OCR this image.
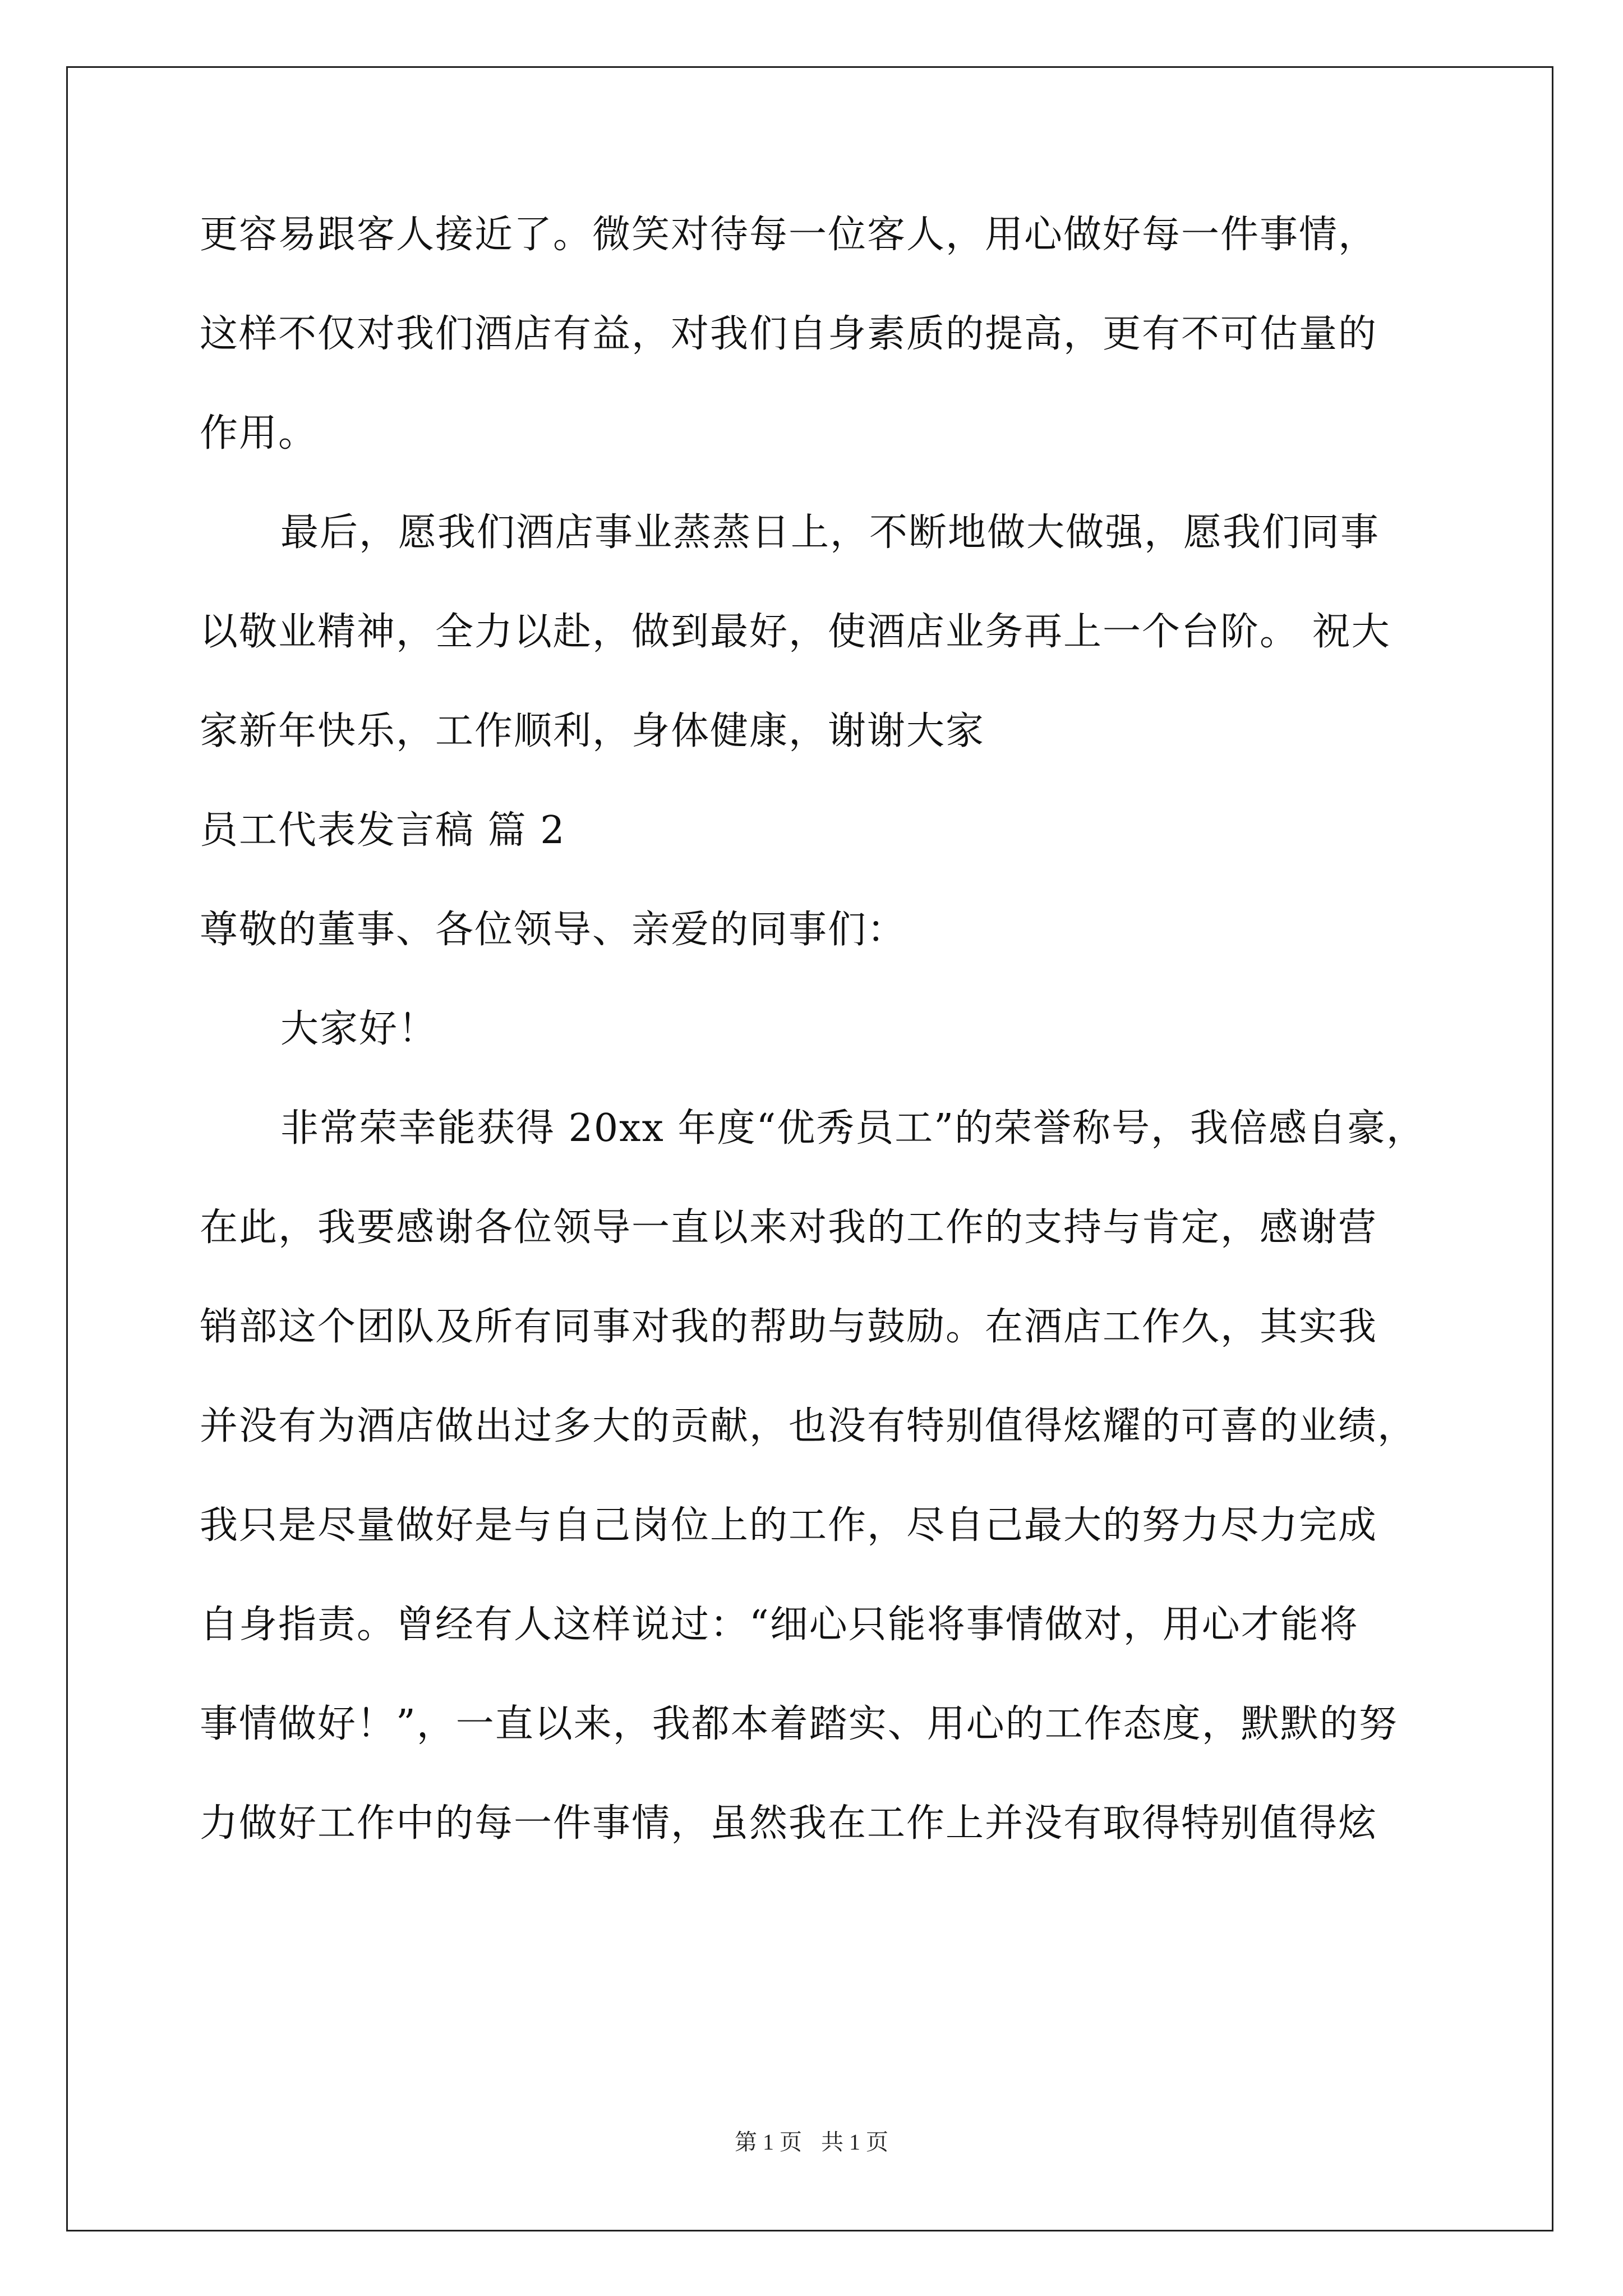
更容易跟客人接近了。微笑对待每一位客人，用心做好每一件事情，
这样不仅对我们酒店有益，对我们自身素质的提高，更有不可估量的
作用。
最后，愿我们酒店事业蒸蒸日上，不断地做大做强，愿我们同事
以敬业精神，全力以赴，做到最好，使酒店业务再上一个台阶。 祝大
家新年快乐，工作顺利，身体健康，谢谢大家
员工代表发言稿 篇 2
尊敬的董事、各位领导、亲爱的同事们：
大家好！
非常荣幸能获得 20xx 年度“优秀员工”的荣誉称号，我倍感自豪，
在此，我要感谢各位领导一直以来对我的工作的支持与肯定，感谢营
销部这个团队及所有同事对我的帮助与鼓励。在酒店工作久，其实我
并没有为酒店做出过多大的贡献，也没有特别值得炫耀的可喜的业绩，
我只是尽量做好是与自己岗位上的工作，尽自己最大的努力尽力完成
自身指责。曾经有人这样说过：“细心只能将事情做对，用心才能将
事情做好！”，一直以来，我都本着踏实、用心的工作态度，默默的努
力做好工作中的每一件事情，虽然我在工作上并没有取得特别值得炫
第 1 页 共 1 页
